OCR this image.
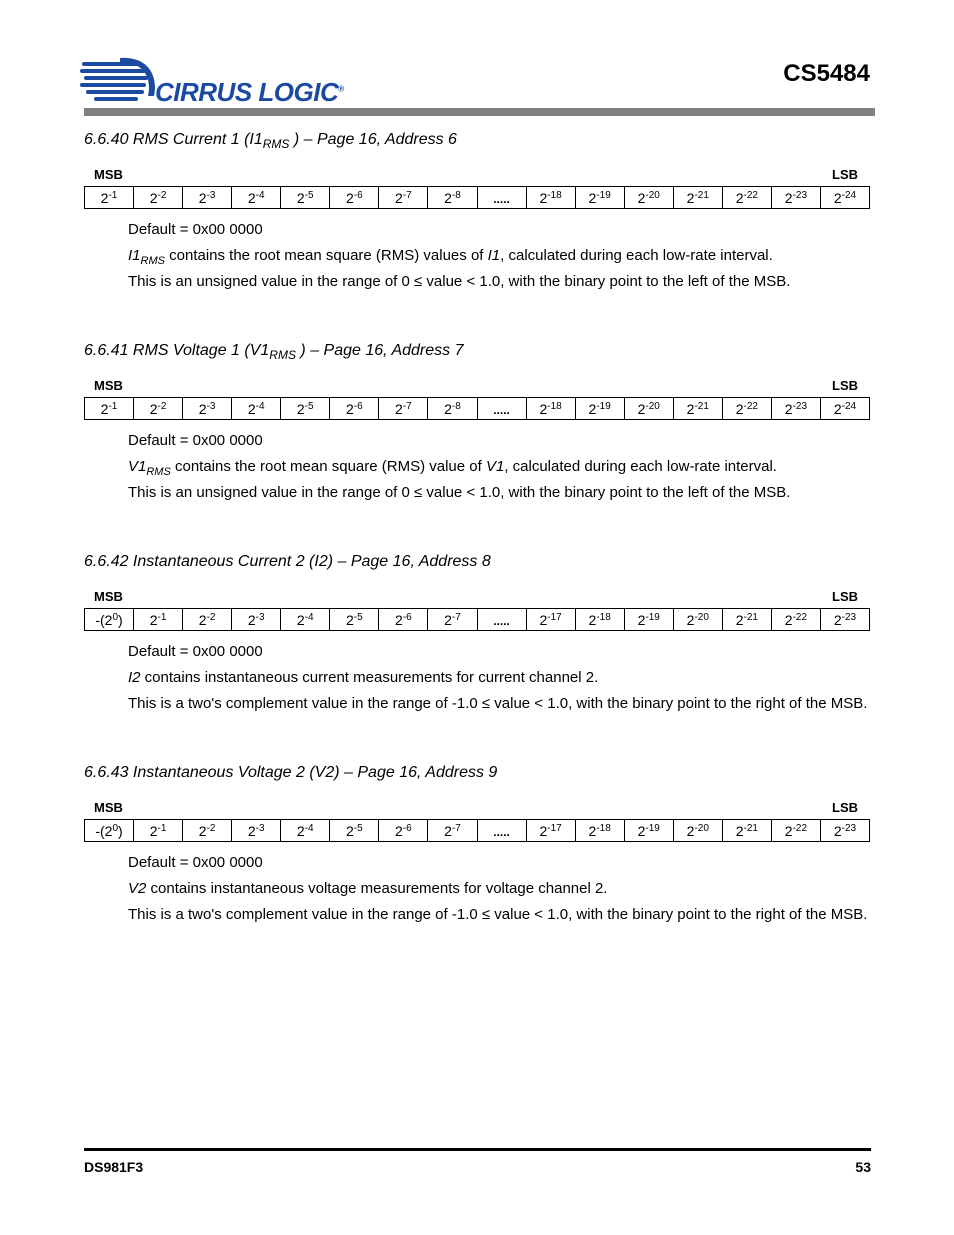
CIRRUS LOGIC®
CS5484
6.6.40 RMS Current 1 ($I1_{RMS}$ ) – Page 16, Address 6
MSB	LSB
$2^{-1}$	$2^{-2}$	$2^{-3}$	$2^{-4}$	$2^{-5}$	$2^{-6}$	$2^{-7}$	$2^{-8}$	.....	$2^{-18}$	$2^{-19}$	$2^{-20}$	$2^{-21}$	$2^{-22}$	$2^{-23}$	$2^{-24}$

Default = 0x00 0000

$I1_{RMS}$ contains the root mean square (RMS) values of I1, calculated during each low-rate interval.

This is an unsigned value in the range of 0 ≤ value < 1.0, with the binary point to the left of the MSB.

6.6.41 RMS Voltage 1 ($V1_{RMS}$ ) – Page 16, Address 7
MSB	LSB
$2^{-1}$	$2^{-2}$	$2^{-3}$	$2^{-4}$	$2^{-5}$	$2^{-6}$	$2^{-7}$	$2^{-8}$	.....	$2^{-18}$	$2^{-19}$	$2^{-20}$	$2^{-21}$	$2^{-22}$	$2^{-23}$	$2^{-24}$

Default = 0x00 0000

$V1_{RMS}$ contains the root mean square (RMS) value of V1, calculated during each low-rate interval.

This is an unsigned value in the range of 0 ≤ value < 1.0, with the binary point to the left of the MSB.

6.6.42 Instantaneous Current 2 (I2) – Page 16, Address 8
MSB	LSB
$-(2^0)$	$2^{-1}$	$2^{-2}$	$2^{-3}$	$2^{-4}$	$2^{-5}$	$2^{-6}$	$2^{-7}$	.....	$2^{-17}$	$2^{-18}$	$2^{-19}$	$2^{-20}$	$2^{-21}$	$2^{-22}$	$2^{-23}$

Default = 0x00 0000

I2 contains instantaneous current measurements for current channel 2.

This is a two's complement value in the range of -1.0 ≤ value < 1.0, with the binary point to the right of the MSB.

6.6.43 Instantaneous Voltage 2 (V2) – Page 16, Address 9
MSB	LSB
$-(2^0)$	$2^{-1}$	$2^{-2}$	$2^{-3}$	$2^{-4}$	$2^{-5}$	$2^{-6}$	$2^{-7}$	.....	$2^{-17}$	$2^{-18}$	$2^{-19}$	$2^{-20}$	$2^{-21}$	$2^{-22}$	$2^{-23}$

Default = 0x00 0000

V2 contains instantaneous voltage measurements for voltage channel 2.

This is a two's complement value in the range of -1.0 ≤ value < 1.0, with the binary point to the right of the MSB.

DS981F3	53
